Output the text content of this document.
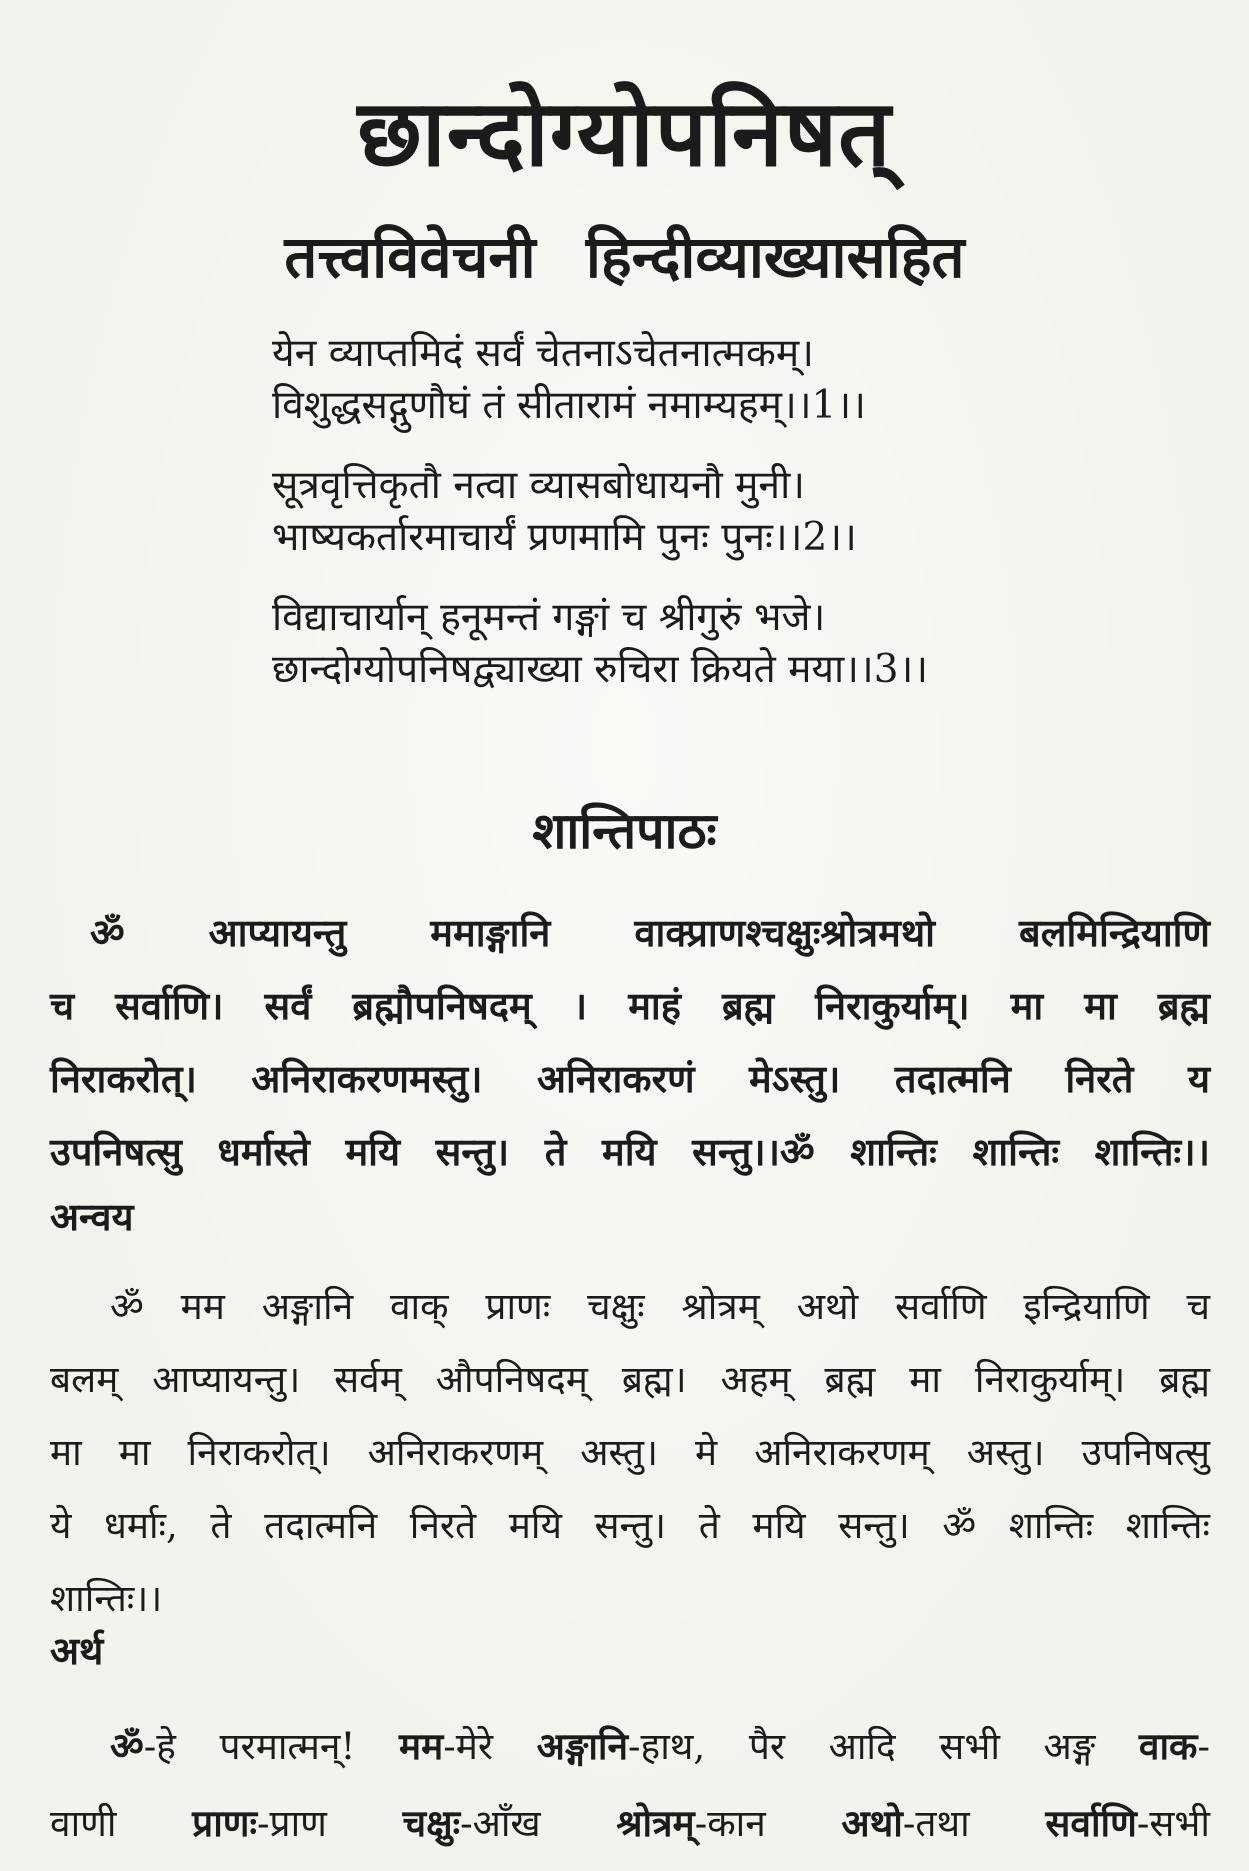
छान्दोग्योपनिषत्
तत्त्वविवेचनी हिन्दीव्याख्यासहित
येन व्याप्तमिदं सर्वं चेतनाऽचेतनात्मकम्।
विशुद्धसद्गुणौघं तं सीतारामं नमाम्यहम्।।1।।
सूत्रवृत्तिकृतौ नत्वा व्यासबोधायनौ मुनी।
भाष्यकर्तारमाचार्यं प्रणमामि पुनः पुनः।।2।।
विद्याचार्यान् हनूमन्तं गङ्गां च श्रीगुरुं भजे।
छान्दोग्योपनिषद्व्याख्या रुचिरा क्रियते मया।।3।।
शान्तिपाठः
ॐ आप्यायन्तु ममाङ्गानि वाक्प्राणश्चक्षुःश्रोत्रमथो बलमिन्द्रियाणि
च सर्वाणि। सर्वं ब्रह्मौपनिषदम् । माहं ब्रह्म निराकुर्याम्। मा मा ब्रह्म
निराकरोत्। अनिराकरणमस्तु। अनिराकरणं मेऽस्तु। तदात्मनि निरते य
उपनिषत्सु धर्मास्ते मयि सन्तु। ते मयि सन्तु।।ॐ शान्तिः शान्तिः शान्तिः।।
अन्वय
ॐ मम अङ्गानि वाक् प्राणः चक्षुः श्रोत्रम् अथो सर्वाणि इन्द्रियाणि च
बलम् आप्यायन्तु। सर्वम् औपनिषदम् ब्रह्म। अहम् ब्रह्म मा निराकुर्याम्। ब्रह्म
मा मा निराकरोत्। अनिराकरणम् अस्तु। मे अनिराकरणम् अस्तु। उपनिषत्सु
ये धर्माः, ते तदात्मनि निरते मयि सन्तु। ते मयि सन्तु। ॐ शान्तिः शान्तिः
शान्तिः।।
अर्थ
ॐ-हे परमात्मन्! मम-मेरे अङ्गानि-हाथ, पैर आदि सभी अङ्ग वाक-
वाणी प्राणः-प्राण चक्षुः-आँख श्रोत्रम्-कान अथो-तथा सर्वाणि-सभी
